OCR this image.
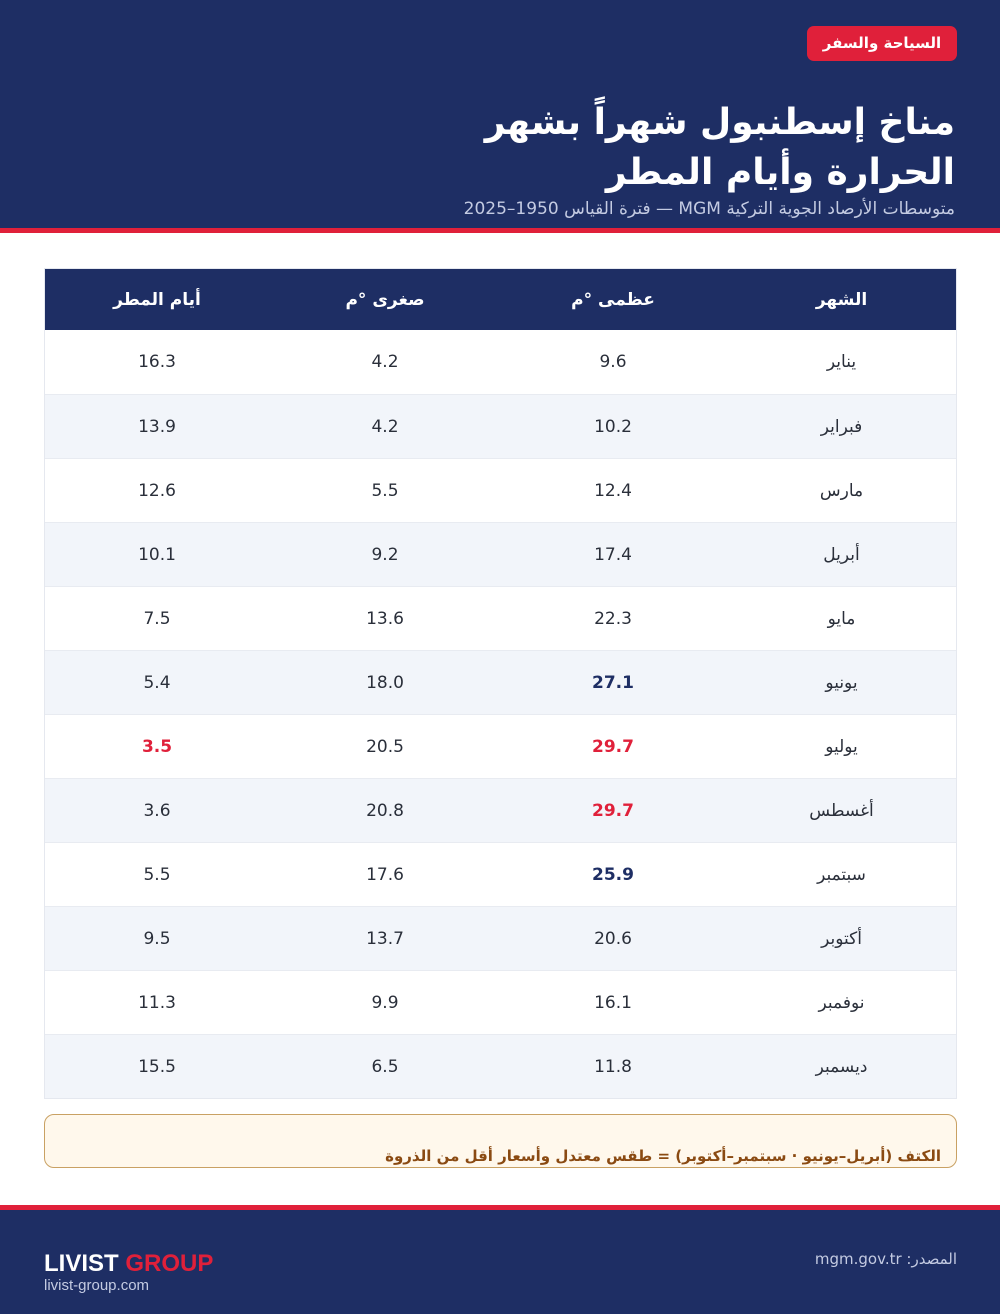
السياحة والسفر
مناخ إسطنبول شهراً بشهر
الحرارة وأيام المطر
متوسطات الأرصاد الجوية التركية MGM — فترة القياس 1950–2025
الشهر
عظمى °م
صغرى °م
أيام المطر
يناير
9.6
4.2
16.3
فبراير
10.2
4.2
13.9
مارس
12.4
5.5
12.6
أبريل
17.4
9.2
10.1
مايو
22.3
13.6
7.5
يونيو
27.1
18.0
5.4
يوليو
29.7
20.5
3.5
أغسطس
29.7
20.8
3.6
سبتمبر
25.9
17.6
5.5
أكتوبر
20.6
13.7
9.5
نوفمبر
16.1
9.9
11.3
ديسمبر
11.8
6.5
15.5
الكتف (أبريل–يونيو · سبتمبر–أكتوبر) = طقس معتدل وأسعار أقل من الذروة
LIVIST GROUP
livist-group.com
المصدر: mgm.gov.tr
